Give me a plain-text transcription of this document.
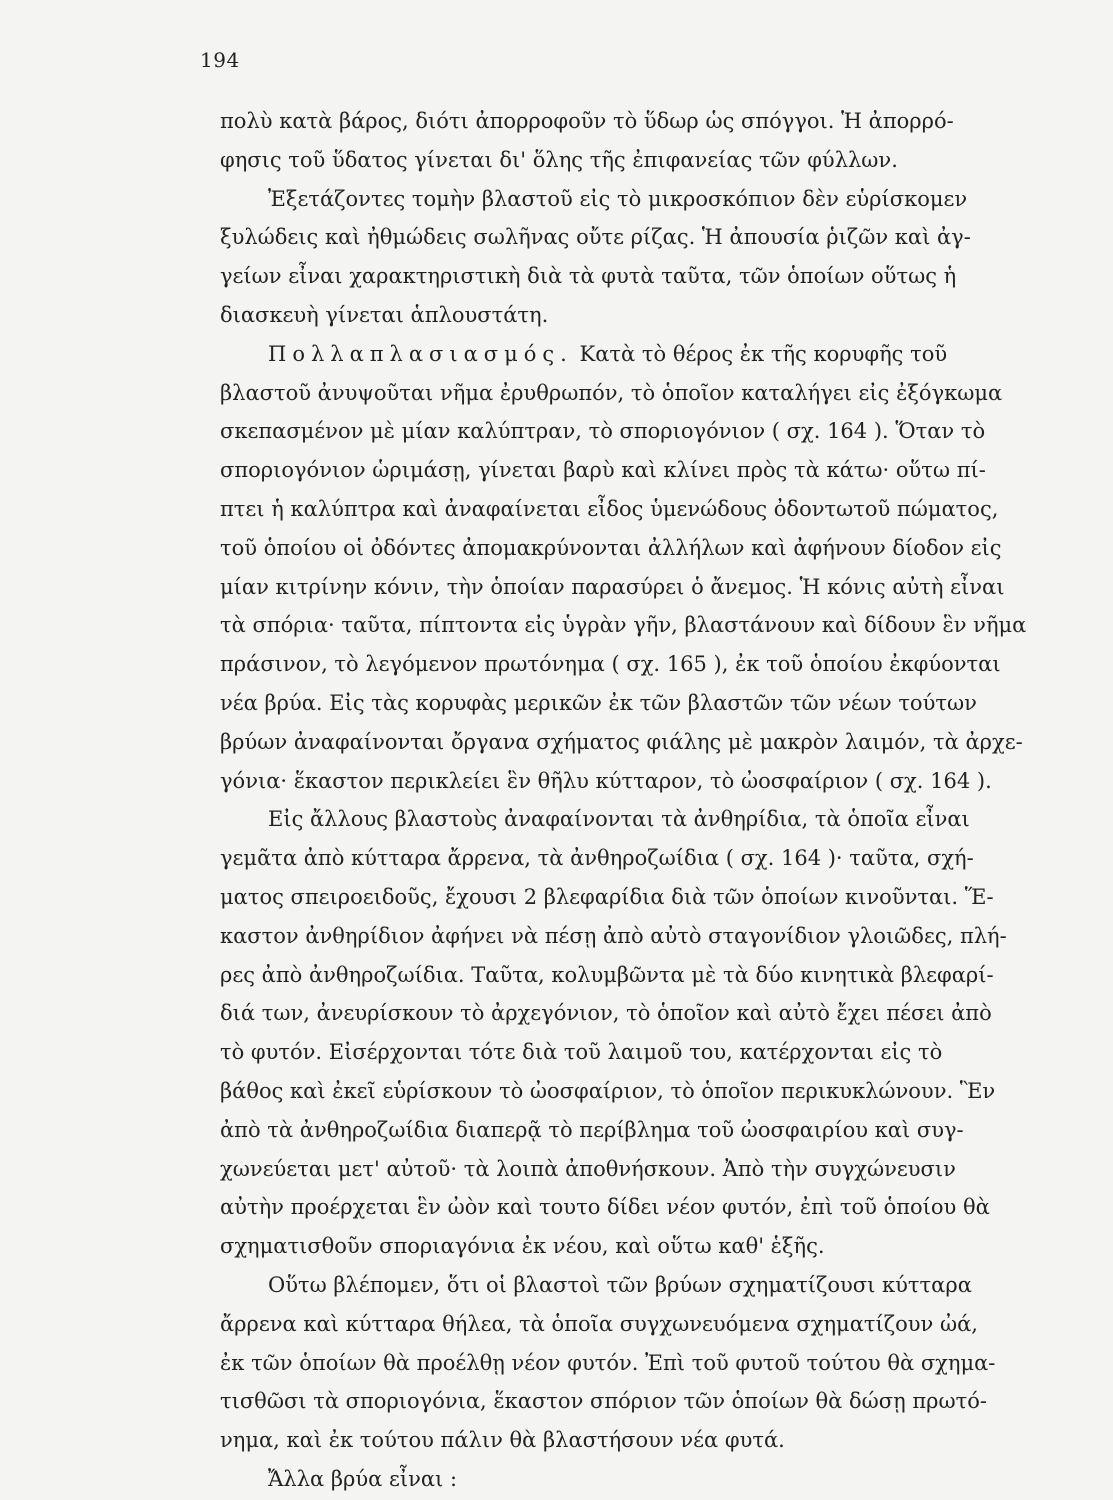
194

πολὺ κατὰ βάρος, διότι ἀπορροφοῦν τὸ ὕδωρ ὡς σπόγγοι. Ἡ ἀπορρό-
φησις τοῦ ὕδατος γίνεται δι' ὅλης τῆς ἐπιφανείας τῶν φύλλων.

Ἐξετάζοντες τομὴν βλαστοῦ εἰς τὸ μικροσκόπιον δὲν εὑρίσκομεν
ξυλώδεις καὶ ἠθμώδεις σωλῆνας οὔτε ρίζας. Ἡ ἀπουσία ῥιζῶν καὶ ἀγ-
γείων εἶναι χαρακτηριστικὴ διὰ τὰ φυτὰ ταῦτα, τῶν ὁποίων οὕτως ἡ
διασκευὴ γίνεται ἁπλουστάτη.

Πολλαπλασιασμός. Κατὰ τὸ θέρος ἐκ τῆς κορυφῆς τοῦ
βλαστοῦ ἀνυψοῦται νῆμα ἐρυθρωπόν, τὸ ὁποῖον καταλήγει εἰς ἐξόγκωμα
σκεπασμένον μὲ μίαν καλύπτραν, τὸ σποριογόνιον ( σχ. 164 ). Ὅταν τὸ
σποριογόνιον ὡριμάσῃ, γίνεται βαρὺ καὶ κλίνει πρὸς τὰ κάτω· οὕτω πί-
πτει ἡ καλύπτρα καὶ ἀναφαίνεται εἶδος ὑμενώδους ὀδοντωτοῦ πώματος,
τοῦ ὁποίου οἱ ὀδόντες ἀπομακρύνονται ἀλλήλων καὶ ἀφήνουν δίοδον εἰς
μίαν κιτρίνην κόνιν, τὴν ὁποίαν παρασύρει ὁ ἄνεμος. Ἡ κόνις αὐτὴ εἶναι
τὰ σπόρια· ταῦτα, πίπτοντα εἰς ὑγρὰν γῆν, βλαστάνουν καὶ δίδουν ἓν νῆμα
πράσινον, τὸ λεγόμενον πρωτόνημα ( σχ. 165 ), ἐκ τοῦ ὁποίου ἐκφύονται
νέα βρύα. Εἰς τὰς κορυφὰς μερικῶν ἐκ τῶν βλαστῶν τῶν νέων τούτων
βρύων ἀναφαίνονται ὄργανα σχήματος φιάλης μὲ μακρὸν λαιμόν, τὰ ἀρχε-
γόνια· ἕκαστον περικλείει ἓν θῆλυ κύτταρον, τὸ ὠοσφαίριον ( σχ. 164 ).

Εἰς ἄλλους βλαστοὺς ἀναφαίνονται τὰ ἀνθηρίδια, τὰ ὁποῖα εἶναι
γεμᾶτα ἀπὸ κύτταρα ἄρρενα, τὰ ἀνθηροζωίδια ( σχ. 164 )· ταῦτα, σχή-
ματος σπειροειδοῦς, ἔχουσι 2 βλεφαρίδια διὰ τῶν ὁποίων κινοῦνται. Ἕ-
καστον ἀνθηρίδιον ἀφήνει νὰ πέσῃ ἀπὸ αὐτὸ σταγονίδιον γλοιῶδες, πλή-
ρες ἀπὸ ἀνθηροζωίδια. Ταῦτα, κολυμβῶντα μὲ τὰ δύο κινητικὰ βλεφαρί-
διά των, ἀνευρίσκουν τὸ ἀρχεγόνιον, τὸ ὁποῖον καὶ αὐτὸ ἔχει πέσει ἀπὸ
τὸ φυτόν. Εἰσέρχονται τότε διὰ τοῦ λαιμοῦ του, κατέρχονται εἰς τὸ
βάθος καὶ ἐκεῖ εὑρίσκουν τὸ ὠοσφαίριον, τὸ ὁποῖον περικυκλώνουν. Ἓν
ἀπὸ τὰ ἀνθηροζωίδια διαπερᾷ τὸ περίβλημα τοῦ ὠοσφαιρίου καὶ συγ-
χωνεύεται μετ' αὐτοῦ· τὰ λοιπὰ ἀποθνήσκουν. Ἀπὸ τὴν συγχώνευσιν
αὐτὴν προέρχεται ἓν ὠὸν καὶ τουτο δίδει νέον φυτόν, ἐπὶ τοῦ ὁποίου θὰ
σχηματισθοῦν σποριαγόνια ἐκ νέου, καὶ οὕτω καθ' ἑξῆς.

Οὕτω βλέπομεν, ὅτι οἱ βλαστοὶ τῶν βρύων σχηματίζουσι κύτταρα
ἄρρενα καὶ κύτταρα θήλεα, τὰ ὁποῖα συγχωνευόμενα σχηματίζουν ὠά,
ἐκ τῶν ὁποίων θὰ προέλθῃ νέον φυτόν. Ἐπὶ τοῦ φυτοῦ τούτου θὰ σχημα-
τισθῶσι τὰ σποριογόνια, ἕκαστον σπόριον τῶν ὁποίων θὰ δώσῃ πρωτό-
νημα, καὶ ἐκ τούτου πάλιν θὰ βλαστήσουν νέα φυτά.

Ἄλλα βρύα εἶναι :
